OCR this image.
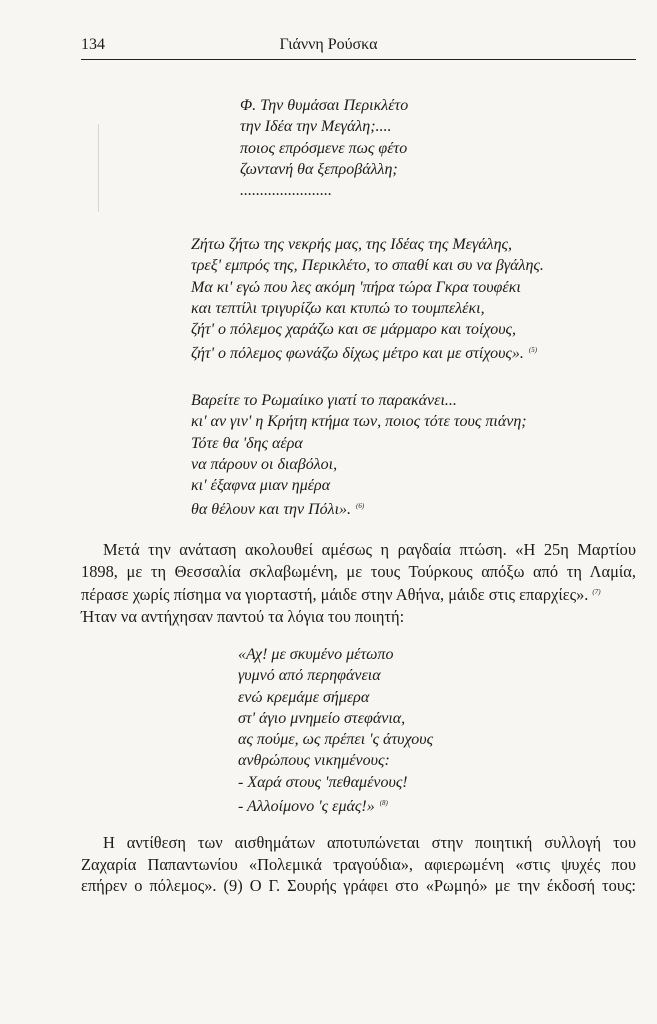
134	Γιάννη Ρούσκα
Φ. Την θυμάσαι Περικλέτο
την Ιδέα την Μεγάλη;....
ποιος επρόσμενε πως φέτο
ζωντανή θα ξεπροβάλλη;
.......................
Ζήτω ζήτω της νεκρής μας, της Ιδέας της Μεγάλης,
τρεξ' εμπρός της, Περικλέτο, το σπαθί και συ να βγάλης.
Μα κι' εγώ που λες ακόμη 'πήρα τώρα Γκρα τουφέκι
και τεπτίλι τριγυρίζω και κτυπώ το τουμπελέκι,
ζήτ' ο πόλεμος χαράζω και σε μάρμαρο και τοίχους,
ζήτ' ο πόλεμος φωνάζω δίχως μέτρο και με στίχους». $^{(5)}$
Βαρείτε το Ρωμαίικο γιατί το παρακάνει...
κι' αν γιν' η Κρήτη κτήμα των, ποιος τότε τους πιάνη;
Τότε θα 'δης αέρα
να πάρουν οι διαβόλοι,
κι' έξαφνα μιαν ημέρα
θα θέλουν και την Πόλι». $^{(6)}$
Μετά την ανάταση ακολουθεί αμέσως η ραγδαία πτώση. «Η 25η Μαρτίου
1898, με τη Θεσσαλία σκλαβωμένη, με τους Τούρκους απόξω από τη Λαμία,
πέρασε χωρίς πίσημα να γιορταστή, μάιδε στην Αθήνα, μάιδε στις επαρχίες». $^{(7)}$
Ήταν να αντήχησαν παντού τα λόγια του ποιητή:
«Αχ! με σκυμένο μέτωπο
γυμνό από περηφάνεια
ενώ κρεμάμε σήμερα
στ' άγιο μνημείο στεφάνια,
ας πούμε, ως πρέπει 'ς άτυχους
ανθρώπους νικημένους:
- Χαρά στους 'πεθαμένους!
- Αλλοίμονο 'ς εμάς!» $^{(8)}$
Η αντίθεση των αισθημάτων αποτυπώνεται στην ποιητική συλλογή του
Ζαχαρία Παπαντωνίου «Πολεμικά τραγούδια», αφιερωμένη «στις ψυχές που
επήρεν ο πόλεμος». (9) Ο Γ. Σουρής γράφει στο «Ρωμηό» με την έκδοσή τους:
